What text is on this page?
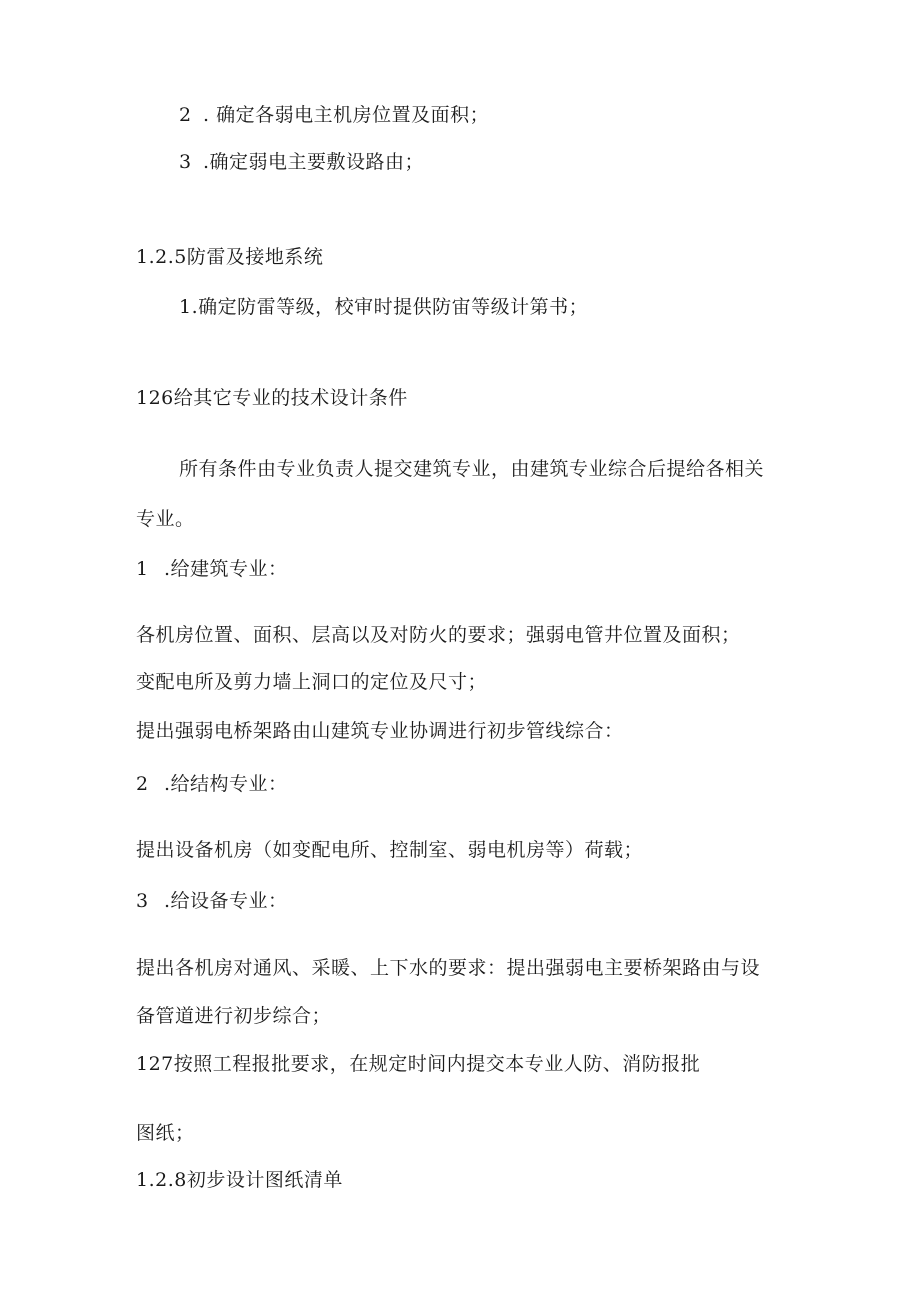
2 . 确定各弱电主机房位置及面积；

3 .确定弱电主要敷设路由；

1.2.5防雷及接地系统

1.确定防雷等级，校审时提供防宙等级计第书；

126给其它专业的技术设计条件

所有条件由专业负责人提交建筑专业，由建筑专业综合后提给各相关

专业。

1 .给建筑专业：

各机房位置、面积、层高以及对防火的要求；强弱电管井位置及面积；

变配电所及剪力墙上洞口的定位及尺寸；

提出强弱电桥架路由山建筑专业协调进行初步管线综合：

2 .给结构专业：

提出设备机房（如变配电所、控制室、弱电机房等）荷载；

3 .给设备专业：

提出各机房对通风、采暖、上下水的要求：提出强弱电主要桥架路由与设

备管道进行初步综合；

127按照工程报批要求，在规定时间内提交本专业人防、消防报批

图纸；

1.2.8初步设计图纸清单
